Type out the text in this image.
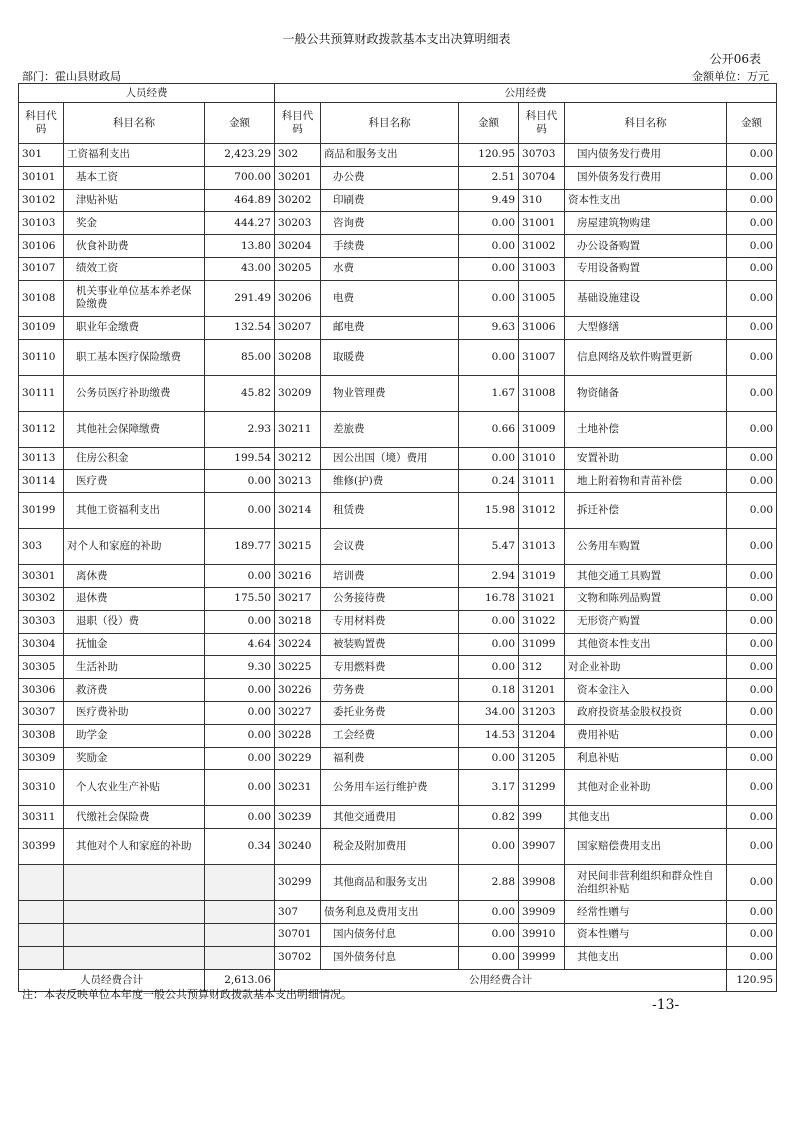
一般公共预算财政拨款基本支出决算明细表
公开06表
部门：霍山县财政局	金额单位：万元
人员经费			公用经费					
科目代码	科目名称	金额	科目代码	科目名称	金额	科目代码	科目名称	金额
301	工资福利支出	2,423.29	302	商品和服务支出	120.95	30703	国内债务发行费用	0.00
30101	基本工资	700.00	30201	办公费	2.51	30704	国外债务发行费用	0.00
30102	津贴补贴	464.89	30202	印刷费	9.49	310	资本性支出	0.00
30103	奖金	444.27	30203	咨询费	0.00	31001	房屋建筑物购建	0.00
30106	伙食补助费	13.80	30204	手续费	0.00	31002	办公设备购置	0.00
30107	绩效工资	43.00	30205	水费	0.00	31003	专用设备购置	0.00
30108	机关事业单位基本养老保险缴费	291.49	30206	电费	0.00	31005	基础设施建设	0.00
30109	职业年金缴费	132.54	30207	邮电费	9.63	31006	大型修缮	0.00
30110	职工基本医疗保险缴费	85.00	30208	取暖费	0.00	31007	信息网络及软件购置更新	0.00
30111	公务员医疗补助缴费	45.82	30209	物业管理费	1.67	31008	物资储备	0.00
30112	其他社会保障缴费	2.93	30211	差旅费	0.66	31009	土地补偿	0.00
30113	住房公积金	199.54	30212	因公出国（境）费用	0.00	31010	安置补助	0.00
30114	医疗费	0.00	30213	维修(护)费	0.24	31011	地上附着物和青苗补偿	0.00
30199	其他工资福利支出	0.00	30214	租赁费	15.98	31012	拆迁补偿	0.00
303	对个人和家庭的补助	189.77	30215	会议费	5.47	31013	公务用车购置	0.00
30301	离休费	0.00	30216	培训费	2.94	31019	其他交通工具购置	0.00
30302	退休费	175.50	30217	公务接待费	16.78	31021	文物和陈列品购置	0.00
30303	退职（役）费	0.00	30218	专用材料费	0.00	31022	无形资产购置	0.00
30304	抚恤金	4.64	30224	被装购置费	0.00	31099	其他资本性支出	0.00
30305	生活补助	9.30	30225	专用燃料费	0.00	312	对企业补助	0.00
30306	救济费	0.00	30226	劳务费	0.18	31201	资本金注入	0.00
30307	医疗费补助	0.00	30227	委托业务费	34.00	31203	政府投资基金股权投资	0.00
30308	助学金	0.00	30228	工会经费	14.53	31204	费用补贴	0.00
30309	奖励金	0.00	30229	福利费	0.00	31205	利息补贴	0.00
30310	个人农业生产补贴	0.00	30231	公务用车运行维护费	3.17	31299	其他对企业补助	0.00
30311	代缴社会保险费	0.00	30239	其他交通费用	0.82	399	其他支出	0.00
30399	其他对个人和家庭的补助	0.34	30240	税金及附加费用	0.00	39907	国家赔偿费用支出	0.00
			30299	其他商品和服务支出	2.88	39908	对民间非营利组织和群众性自治组织补贴	0.00
			307	债务利息及费用支出	0.00	39909	经常性赠与	0.00
			30701	国内债务付息	0.00	39910	资本性赠与	0.00
			30702	国外债务付息	0.00	39999	其他支出	0.00
人员经费合计		2,613.06	公用经费合计					120.95
注：本表反映单位本年度一般公共预算财政拨款基本支出明细情况。
-13-
